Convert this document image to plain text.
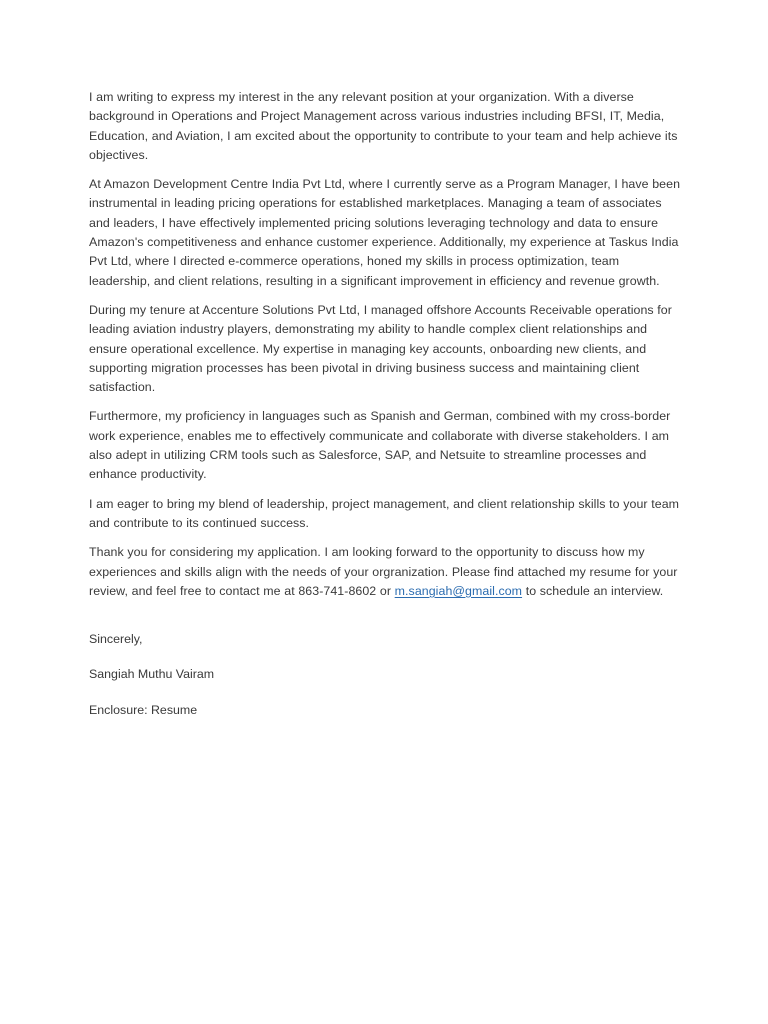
I am writing to express my interest in the any relevant position at your organization. With a diverse background in Operations and Project Management across various industries including BFSI, IT, Media, Education, and Aviation, I am excited about the opportunity to contribute to your team and help achieve its objectives.

At Amazon Development Centre India Pvt Ltd, where I currently serve as a Program Manager, I have been instrumental in leading pricing operations for established marketplaces. Managing a team of associates and leaders, I have effectively implemented pricing solutions leveraging technology and data to ensure Amazon's competitiveness and enhance customer experience. Additionally, my experience at Taskus India Pvt Ltd, where I directed e-commerce operations, honed my skills in process optimization, team leadership, and client relations, resulting in a significant improvement in efficiency and revenue growth.

During my tenure at Accenture Solutions Pvt Ltd, I managed offshore Accounts Receivable operations for leading aviation industry players, demonstrating my ability to handle complex client relationships and ensure operational excellence. My expertise in managing key accounts, onboarding new clients, and supporting migration processes has been pivotal in driving business success and maintaining client satisfaction.

Furthermore, my proficiency in languages such as Spanish and German, combined with my cross-border work experience, enables me to effectively communicate and collaborate with diverse stakeholders. I am also adept in utilizing CRM tools such as Salesforce, SAP, and Netsuite to streamline processes and enhance productivity.

I am eager to bring my blend of leadership, project management, and client relationship skills to your team and contribute to its continued success.

Thank you for considering my application. I am looking forward to the opportunity to discuss how my experiences and skills align with the needs of your orgranization. Please find attached my resume for your review, and feel free to contact me at 863-741-8602 or m.sangiah@gmail.com to schedule an interview.

Sincerely,

Sangiah Muthu Vairam

Enclosure: Resume
